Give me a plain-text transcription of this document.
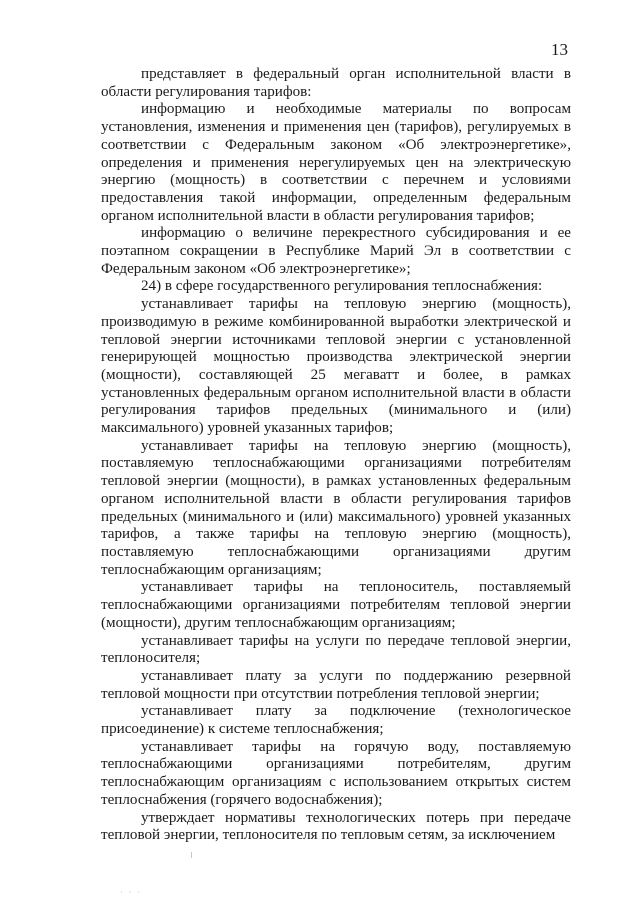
13

представляет в федеральный орган исполнительной власти в области регулирования тарифов:

информацию и необходимые материалы по вопросам установления, изменения и применения цен (тарифов), регулируемых в соответствии с Федеральным законом «Об электроэнергетике», определения и применения нерегулируемых цен на электрическую энергию (мощность) в соответствии с перечнем и условиями предоставления такой информации, определенным федеральным органом исполнительной власти в области регулирования тарифов;

информацию о величине перекрестного субсидирования и ее поэтапном сокращении в Республике Марий Эл в соответствии с Федеральным законом «Об электроэнергетике»;

24) в сфере государственного регулирования теплоснабжения:

устанавливает тарифы на тепловую энергию (мощность), производимую в режиме комбинированной выработки электрической и тепловой энергии источниками тепловой энергии с установленной генерирующей мощностью производства электрической энергии (мощности), составляющей 25 мегаватт и более, в рамках установленных федеральным органом исполнительной власти в области регулирования тарифов предельных (минимального и (или) максимального) уровней указанных тарифов;

устанавливает тарифы на тепловую энергию (мощность), поставляемую теплоснабжающими организациями потребителям тепловой энергии (мощности), в рамках установленных федеральным органом исполнительной власти в области регулирования тарифов предельных (минимального и (или) максимального) уровней указанных тарифов, а также тарифы на тепловую энергию (мощность), поставляемую теплоснабжающими организациями другим теплоснабжающим организациям;

устанавливает тарифы на теплоноситель, поставляемый теплоснабжающими организациями потребителям тепловой энергии (мощности), другим теплоснабжающим организациям;

устанавливает тарифы на услуги по передаче тепловой энергии, теплоносителя;

устанавливает плату за услуги по поддержанию резервной тепловой мощности при отсутствии потребления тепловой энергии;

устанавливает плату за подключение (технологическое присоединение) к системе теплоснабжения;

устанавливает тарифы на горячую воду, поставляемую теплоснабжающими организациями потребителям, другим теплоснабжающим организациям с использованием открытых систем теплоснабжения (горячего водоснабжения);

утверждает нормативы технологических потерь при передаче тепловой энергии, теплоносителя по тепловым сетям, за исключением

· · ·
